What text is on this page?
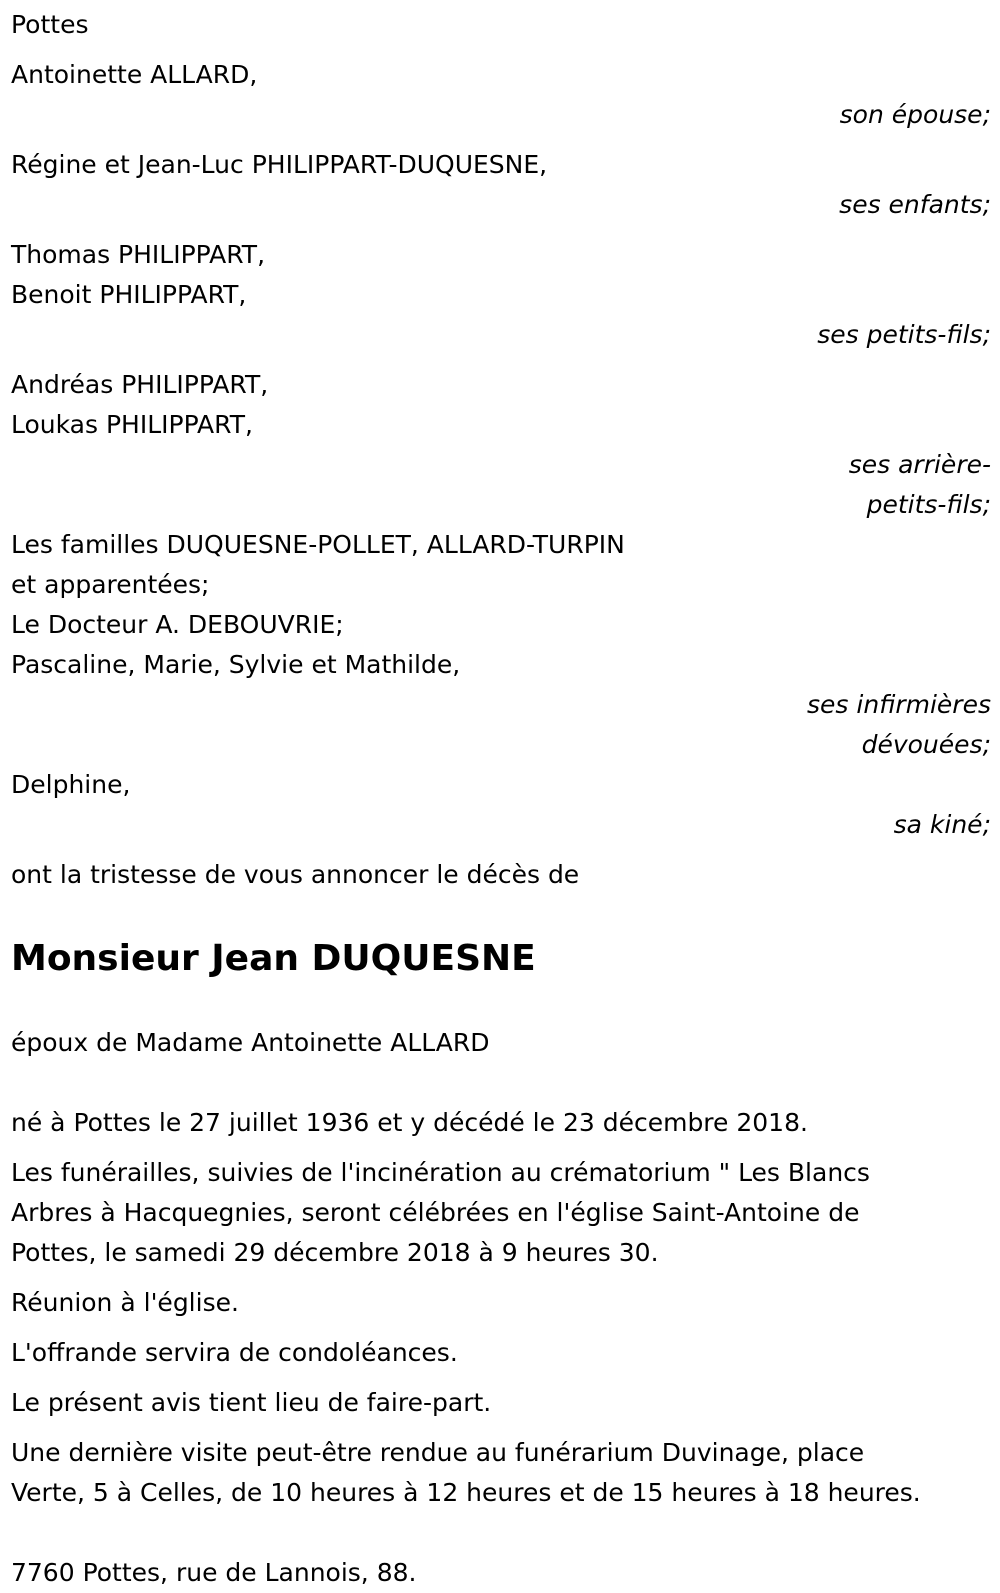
Pottes
Antoinette ALLARD,
son épouse;
Régine et Jean-Luc PHILIPPART-DUQUESNE,
ses enfants;
Thomas PHILIPPART,
Benoit PHILIPPART,
ses petits-fils;
Andréas PHILIPPART,
Loukas PHILIPPART,
ses arrière-
petits-fils;
Les familles DUQUESNE-POLLET, ALLARD-TURPIN
et apparentées;
Le Docteur A. DEBOUVRIE;
Pascaline, Marie, Sylvie et Mathilde,
ses infirmières
dévouées;
Delphine,
sa kiné;
ont la tristesse de vous annoncer le décès de
Monsieur Jean DUQUESNE
époux de Madame Antoinette ALLARD
né à Pottes le 27 juillet 1936 et y décédé le 23 décembre 2018.
Les funérailles, suivies de l'incinération au crématorium " Les Blancs
Arbres à Hacquegnies, seront célébrées en l'église Saint-Antoine de
Pottes, le samedi 29 décembre 2018 à 9 heures 30.
Réunion à l'église.
L'offrande servira de condoléances.
Le présent avis tient lieu de faire-part.
Une dernière visite peut-être rendue au funérarium Duvinage, place
Verte, 5 à Celles, de 10 heures à 12 heures et de 15 heures à 18 heures.
7760 Pottes, rue de Lannois, 88.
